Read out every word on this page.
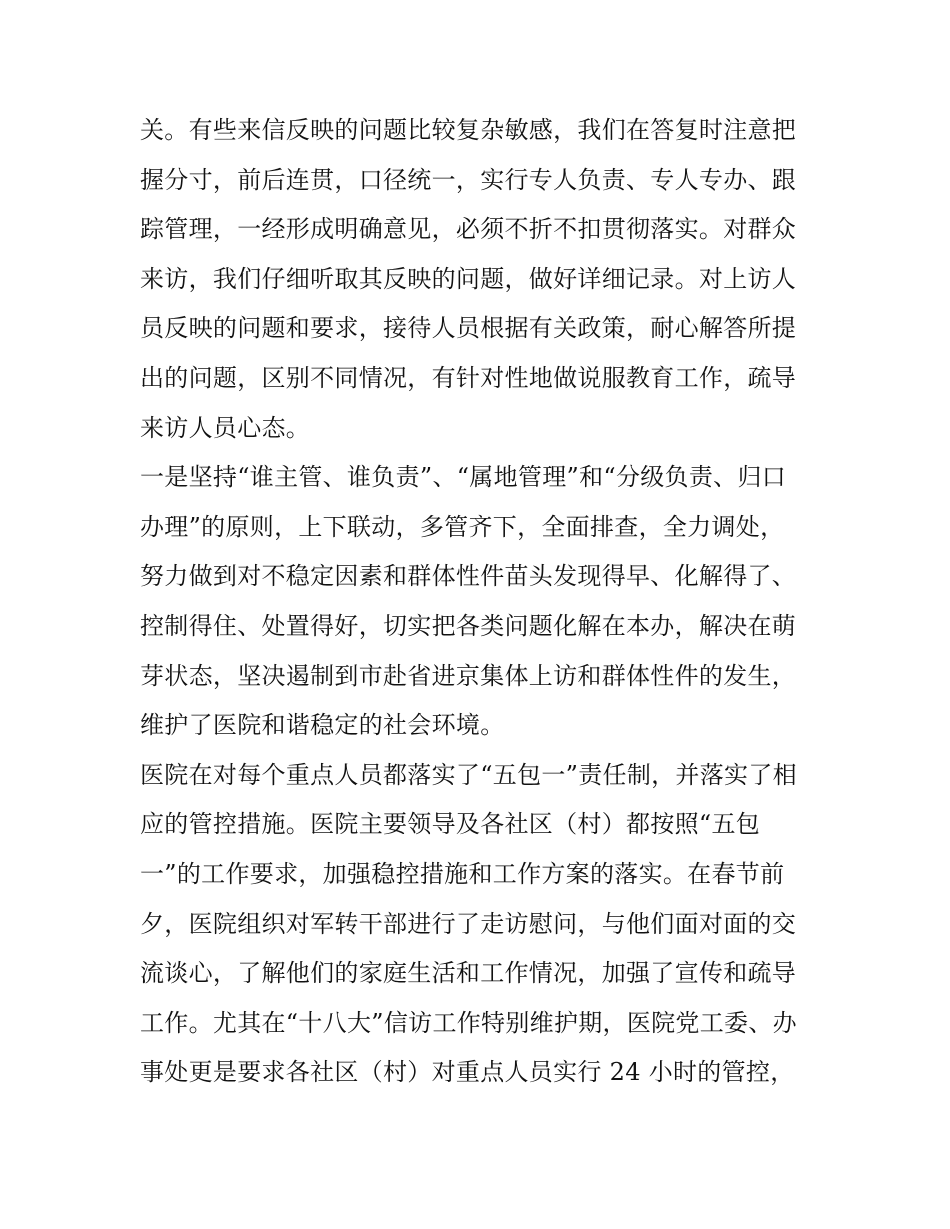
关。有些来信反映的问题比较复杂敏感，我们在答复时注意把
握分寸，前后连贯，口径统一，实行专人负责、专人专办、跟
踪管理，一经形成明确意见，必须不折不扣贯彻落实。对群众
来访，我们仔细听取其反映的问题，做好详细记录。对上访人
员反映的问题和要求，接待人员根据有关政策，耐心解答所提
出的问题，区别不同情况，有针对性地做说服教育工作，疏导
来访人员心态。
一是坚持“谁主管、谁负责”、“属地管理”和“分级负责、归口
办理”的原则，上下联动，多管齐下，全面排查，全力调处，
努力做到对不稳定因素和群体性件苗头发现得早、化解得了、
控制得住、处置得好，切实把各类问题化解在本办，解决在萌
芽状态，坚决遏制到市赴省进京集体上访和群体性件的发生，
维护了医院和谐稳定的社会环境。
医院在对每个重点人员都落实了“五包一”责任制，并落实了相
应的管控措施。医院主要领导及各社区（村）都按照“五包
一”的工作要求，加强稳控措施和工作方案的落实。在春节前
夕，医院组织对军转干部进行了走访慰问，与他们面对面的交
流谈心，了解他们的家庭生活和工作情况，加强了宣传和疏导
工作。尤其在“十八大”信访工作特别维护期，医院党工委、办
事处更是要求各社区（村）对重点人员实行 24 小时的管控，
